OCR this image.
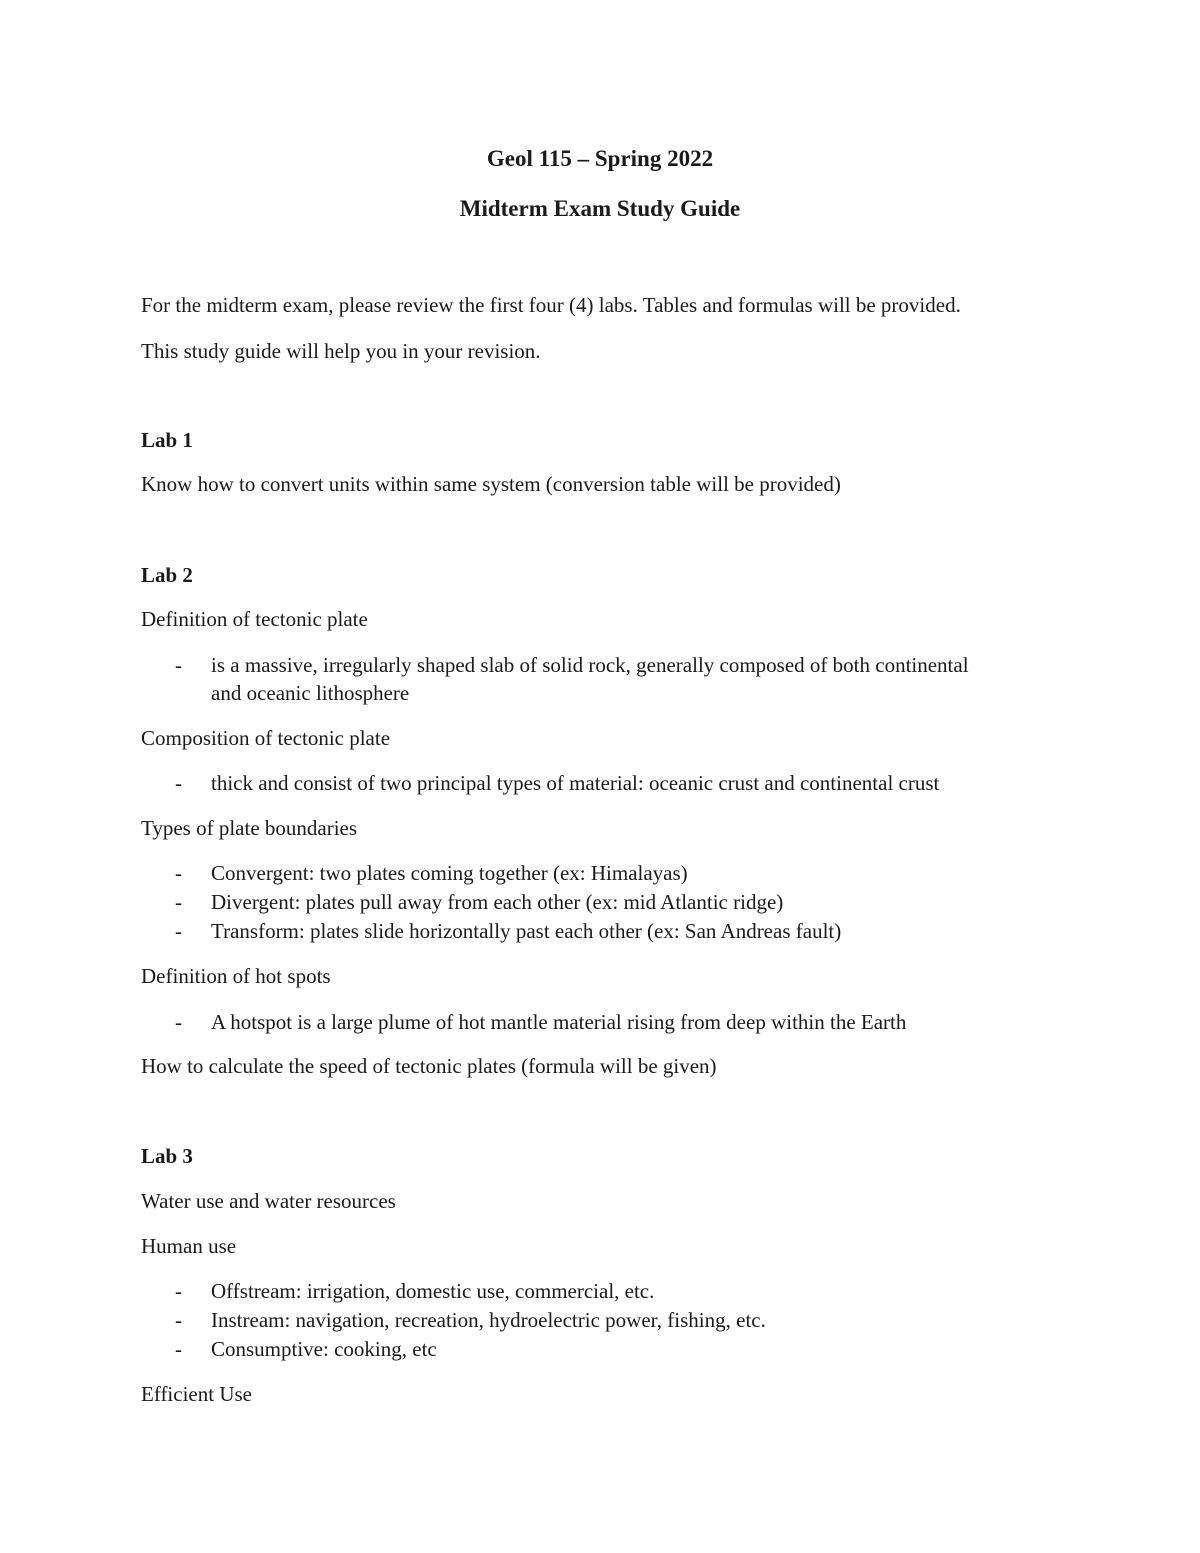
Geol 115 – Spring 2022
Midterm Exam Study Guide
For the midterm exam, please review the first four (4) labs. Tables and formulas will be provided.
This study guide will help you in your revision.
Lab 1
Know how to convert units within same system (conversion table will be provided)
Lab 2
Definition of tectonic plate
- is a massive, irregularly shaped slab of solid rock, generally composed of both continental
and oceanic lithosphere
Composition of tectonic plate
- thick and consist of two principal types of material: oceanic crust and continental crust
Types of plate boundaries
- Convergent: two plates coming together (ex: Himalayas)
- Divergent: plates pull away from each other (ex: mid Atlantic ridge)
- Transform: plates slide horizontally past each other (ex: San Andreas fault)
Definition of hot spots
- A hotspot is a large plume of hot mantle material rising from deep within the Earth
How to calculate the speed of tectonic plates (formula will be given)
Lab 3
Water use and water resources
Human use
- Offstream: irrigation, domestic use, commercial, etc.
- Instream: navigation, recreation, hydroelectric power, fishing, etc.
- Consumptive: cooking, etc
Efficient Use
